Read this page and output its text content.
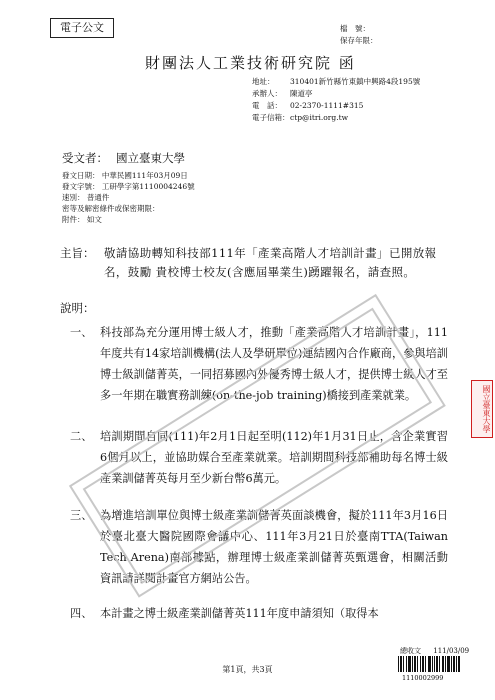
電子公文	檔　號：
保存年限：
財團法人工業技術研究院 函
地址：	310401新竹縣竹東鎮中興路4段195號
承辦人：	陳道亭
電　話：	02-2370-1111#315
電子信箱： ctp@itri.org.tw
受文者： 國立臺東大學
發文日期： 中華民國111年03月09日
發文字號： 工研學字第1110004246號
速別： 普通件
密等及解密條件或保密期限：
附件： 如文
主旨： 敬請協助轉知科技部111年「產業高階人才培訓計畫」已開放報名，鼓勵 貴校博士校友(含應屆畢業生)踴躍報名，請查照。
說明：
一、 科技部為充分運用博士級人才，推動「產業高階人才培訓計畫」，111年度共有14家培訓機構(法人及學研單位)連結國內合作廠商，參與培訓博士級訓儲菁英，一同招募國內外優秀博士級人才，提供博士級人才至多一年期在職實務訓練(on-the-job training)橋接到產業就業。
二、 培訓期間自同(111)年2月1日起至明(112)年1月31日止，含企業實習6個月以上，並協助媒合至產業就業。培訓期間科技部補助每名博士級產業訓儲菁英每月至少新台幣6萬元。
三、 為增進培訓單位與博士級產業訓儲菁英面談機會，擬於111年3月16日於臺北臺大醫院國際會議中心、111年3月21日於臺南TTA(Taiwan Tech Arena)南部據點，辦理博士級產業訓儲菁英甄選會，相關活動資訊請詳閱計畫官方網站公告。
四、 本計畫之博士級產業訓儲菁英111年度申請須知（取得本
國立臺東大學
總收文 111/03/09
1110002999
第1頁，共3頁
